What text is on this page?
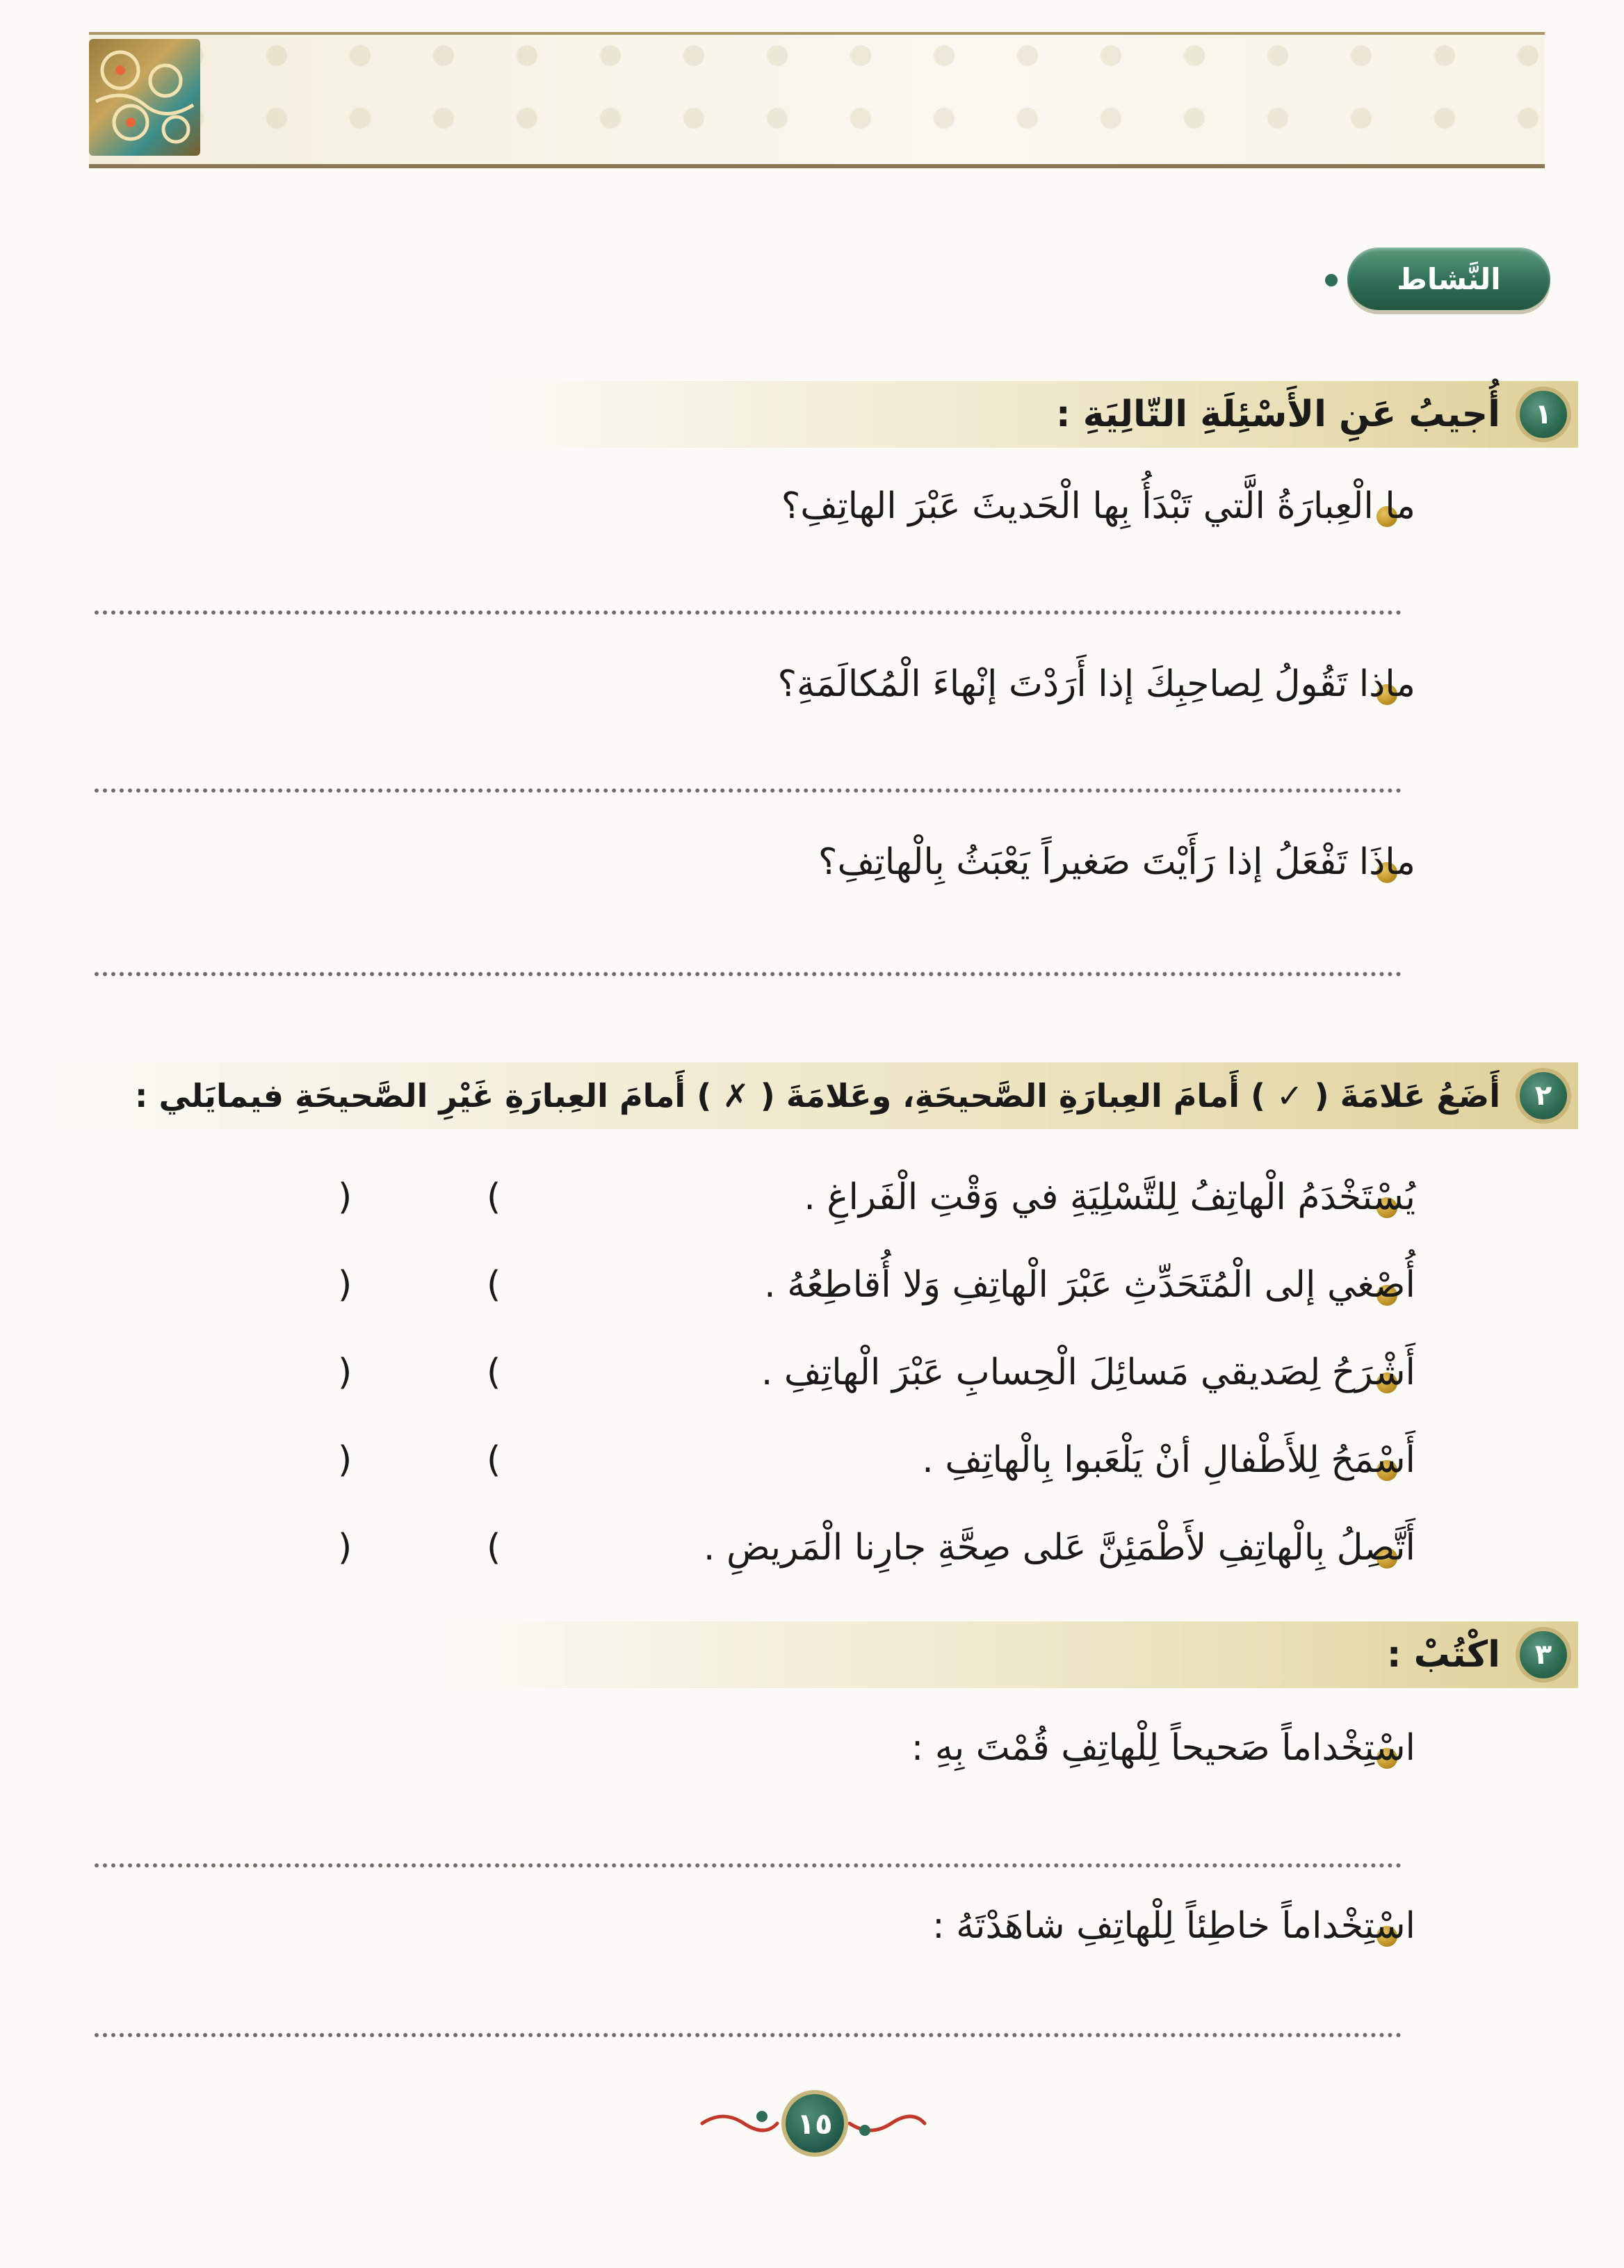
النَّشاط
١
أُجيبُ عَنِ الأَسْئِلَةِ التّالِيَةِ :
ما الْعِبارَةُ الَّتي تَبْدَأُ بِها الْحَديثَ عَبْرَ الهاتِفِ؟
ماذا تَقُولُ لِصاحِبِكَ إذا أَرَدْتَ إنْهاءَ الْمُكالَمَةِ؟
ماذَا تَفْعَلُ إذا رَأَيْتَ صَغيراً يَعْبَثُ بِالْهاتِفِ؟
٢
أَضَعُ عَلامَةَ ( ✓ ) أَمامَ العِبارَةِ الصَّحيحَةِ، وعَلامَةَ ( ✗ ) أَمامَ العِبارَةِ غَيْرِ الصَّحيحَةِ فيمايَلي :
يُسْتَخْدَمُ الْهاتِفُ لِلتَّسْلِيَةِ في وَقْتِ الْفَراغِ .
(
)
أُصْغي إلى الْمُتَحَدِّثِ عَبْرَ الْهاتِفِ وَلا أُقاطِعُهُ .
(
)
أَشْرَحُ لِصَديقي مَسائِلَ الْحِسابِ عَبْرَ الْهاتِفِ .
(
)
أَسْمَحُ لِلأَطْفالِ أنْ يَلْعَبوا بِالْهاتِفِ .
(
)
أَتَّصِلُ بِالْهاتِفِ لأَطْمَئِنَّ عَلى صِحَّةِ جارِنا الْمَريضِ .
(
)
٣
اكْتُبْ :
اسْتِخْداماً صَحيحاً لِلْهاتِفِ قُمْتَ بِهِ :
اسْتِخْداماً خاطِئاً لِلْهاتِفِ شاهَدْتَهُ :
١٥
